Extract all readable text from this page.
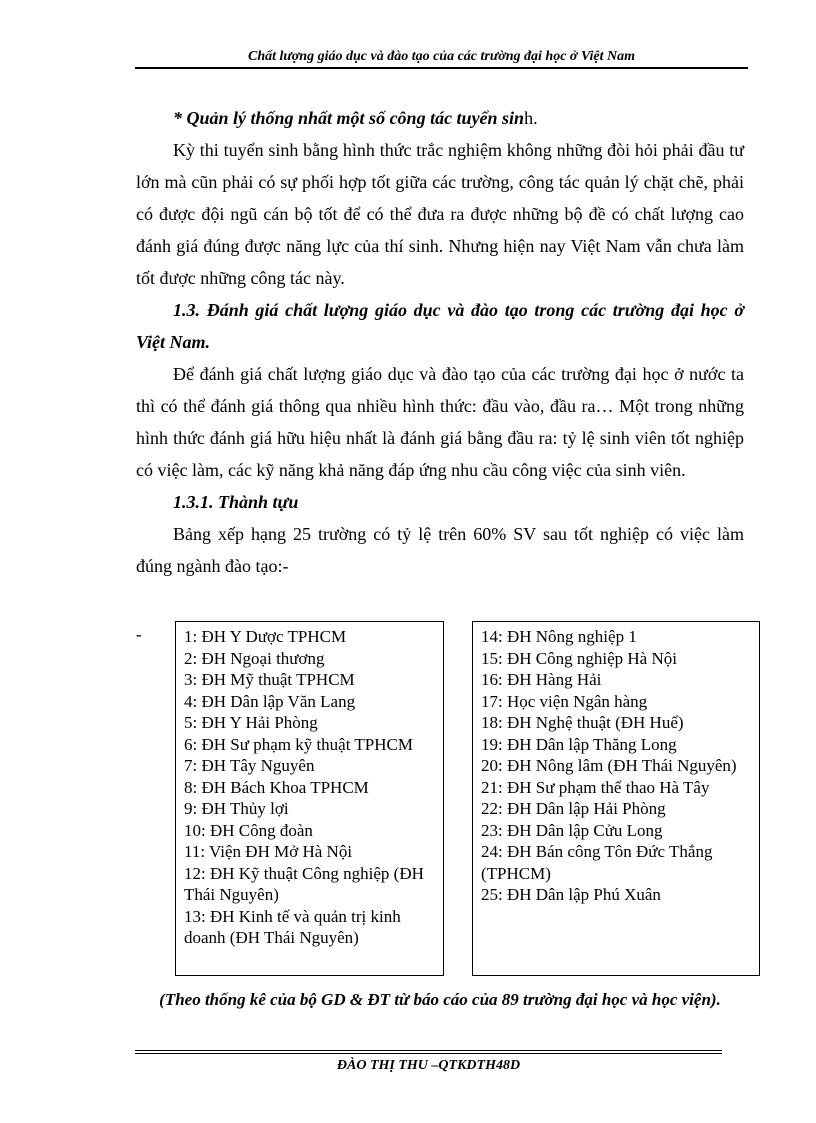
Chất lượng giáo dục và đào tạo của các trường đại học ở Việt Nam

* Quản lý thống nhất một số công tác tuyển sinh.

Kỳ thi tuyển sinh bằng hình thức trắc nghiệm không những đòi hỏi phải đầu tư lớn mà cũn phải có sự phối hợp tốt giữa các trường, công tác quản lý chặt chẽ, phải có được đội ngũ cán bộ tốt để có thể đưa ra được những bộ đề có chất lượng cao đánh giá đúng được năng lực của thí sinh. Nhưng hiện nay Việt Nam vẫn chưa làm tốt được những công tác này.

1.3. Đánh giá chất lượng giáo dục và đào tạo trong các trường đại học ở Việt Nam.

Để đánh giá chất lượng giáo dục và đào tạo của các trường đại học ở nước ta thì có thể đánh giá thông qua nhiều hình thức: đầu vào, đầu ra… Một trong những hình thức đánh giá hữu hiệu nhất là đánh giá bằng đầu ra: tỷ lệ sinh viên tốt nghiệp có việc làm, các kỹ năng khả năng đáp ứng nhu cầu công việc của sinh viên.

1.3.1. Thành tựu

Bảng xếp hạng 25 trường có tỷ lệ trên 60% SV sau tốt nghiệp có việc làm đúng ngành đào tạo:-

- 1: ĐH Y Dược TPHCM
2: ĐH Ngoại thương
3: ĐH Mỹ thuật TPHCM
4: ĐH Dân lập Văn Lang
5: ĐH Y Hải Phòng
6: ĐH Sư phạm kỹ thuật TPHCM
7: ĐH Tây Nguyên
8: ĐH Bách Khoa TPHCM
9: ĐH Thủy lợi
10: ĐH Công đoàn
11: Viện ĐH Mở Hà Nội
12: ĐH Kỹ thuật Công nghiệp (ĐH Thái Nguyên)
13: ĐH Kinh tế và quản trị kinh doanh (ĐH Thái Nguyên)
14: ĐH Nông nghiệp 1
15: ĐH Công nghiệp Hà Nội
16: ĐH Hàng Hải
17: Học viện Ngân hàng
18: ĐH Nghệ thuật (ĐH Huế)
19: ĐH Dân lập Thăng Long
20: ĐH Nông lâm (ĐH Thái Nguyên)
21: ĐH Sư phạm thể thao Hà Tây
22: ĐH Dân lập Hải Phòng
23: ĐH Dân lập Cửu Long
24: ĐH Bán công Tôn Đức Thắng (TPHCM)
25: ĐH Dân lập Phú Xuân
(Theo thống kê của bộ GD & ĐT từ báo cáo của 89 trường đại học và học viện).
ĐÀO THỊ THU –QTKDTH48D
